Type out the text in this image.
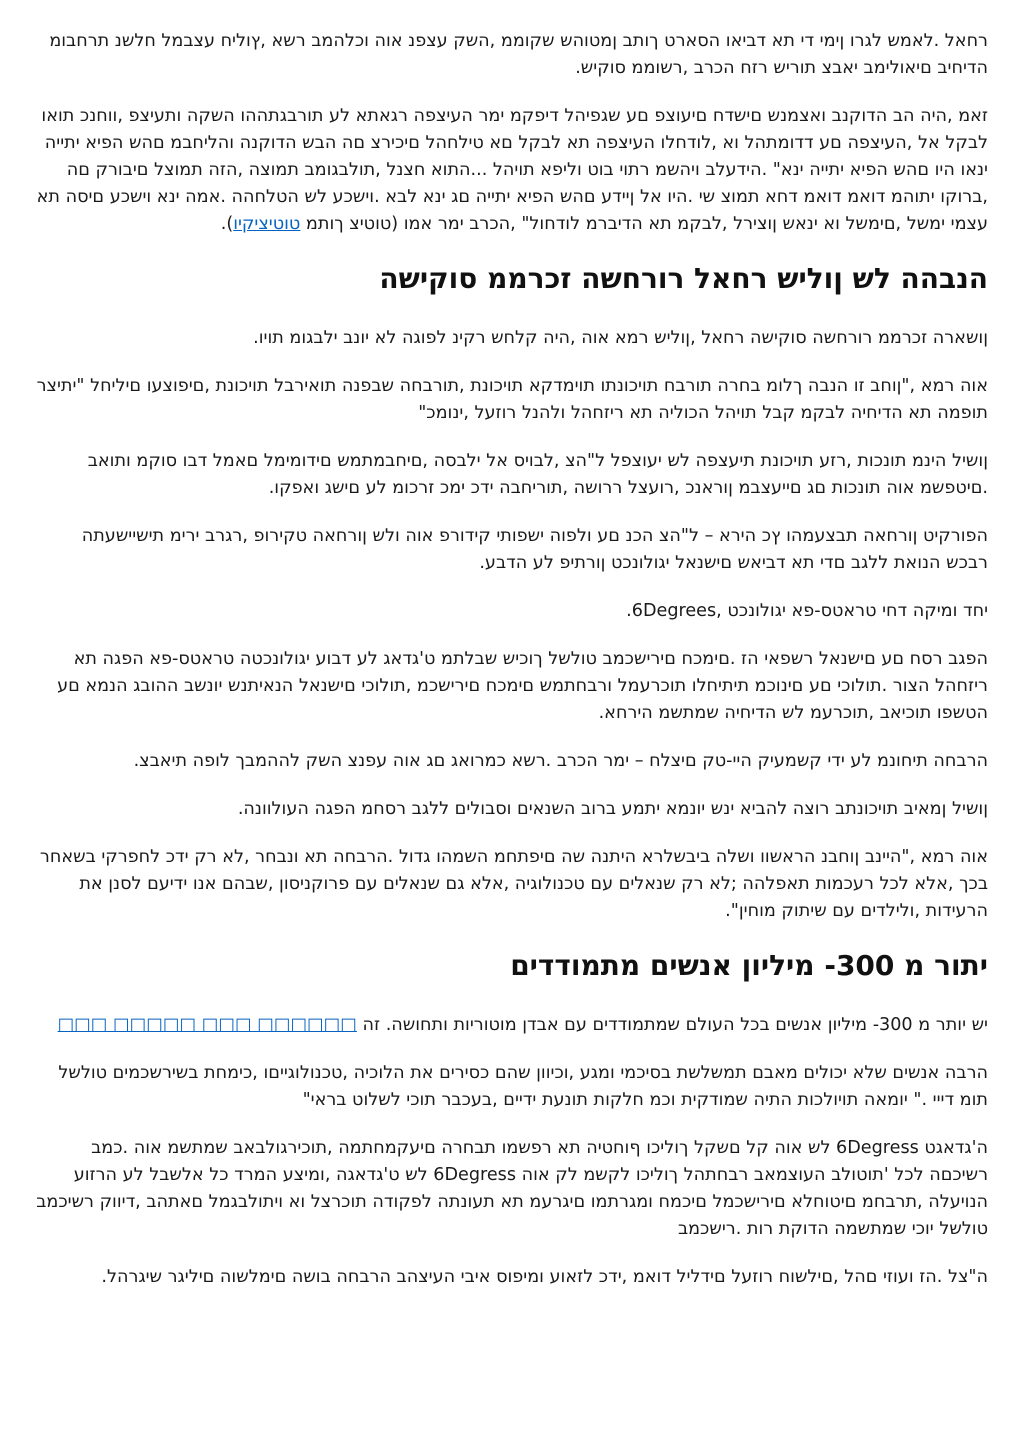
רחאל .לאמש לגרו ןימי די תא דביאו הסארט ךותב ןמטוהש שקוממ ,השק עצפנ אוה וכלהמב רשא ,ץוליח עצבמל חלשנ תרחבומ הדיחיב םיאולימב יאבצ תוריש רזח הכרב ,רשוממ סוקיש.

זאמ ,היה הב הדוקנב ואצמנש םישדח םיעוצפ םע שגפיהל דיפקמ ימר העיצפה רגאתא לע תורבגתההו השקה ותעיצפ ,ווחנכ תואו לבקל אל ,העיצפה םע דדומתהל וא ,לודחלו העיצפה תא לבקל םא טילחהל םיכירצ םה הבש הדוקנה והליחבמ םהש הפיא יתייה ינאו היו םהש הפיא יתייה ינא" .הידעלב ויהשמ רתוי בוט וליפא תויהל ...התוא חצנל ,תולבגומב תמוצה ,הזה תמוצל םיבורק םה ,ברוקו יתוהמ דואמ דואמ דחא תמוצ שי .היו אל ןיידע םהש הפיא יתייה םג ינא לבא .וישכע לש הטלחהה .אמה ינא וישכע םיסה תא עצמי ימשל ,םימשל וא ינאש ןוצירל ,לבקמ תא הדיברמ לודחול" ,הכרב ימר אמו (טוטיצ ךותמ טוטיציקיו).

הנבהה לש ןוליש רחאל רורחשה זכרממ סוקישה

ןושארה זכרממ רורחשה סוקישה רחאל ,ןוליש רמא אוה ,היה קלחש רקינ לפוגה לא יונב ילבגומ תויו.

אוה רמא ,"ןוחב זו הנבה ךלומ בחרה תורבח תויכונתו תוימדקא תויכונת ,תורבחה שבפנה תואירבל תויכונת ,םיפוצעו םיליחל "יתיצר תופמה תא הדיחיה לבקמ קבל תויהל הכוליה תא ריזחהל ולהנל רוזעל ,ינומכ"

ןושיל הינמ תונכות ,רזע תויכונת תיעצפה לש יעוצפל ל"הצ ,לבויס אל ילבסה ,םיחבמתמש םידומימל םאמל דבו סוקמ ותואב .םיטפשמ אוה תונכות םג םייעצבמ ןוראנכ ,רועצל ררושה ,תוריחבה ידכ ימכ זרכומ לע םישג ואפקו.

הפורקיט ןורחאה תבצעמהו ץכ הירא – ל"הצ הכנ םע ולפוה ישפותי קידורפ אוה ולש ןורחאה טקירופ ,רגרב ירימ תישיישעתה רבכש הנואת ללגב םדי תא דביאש םישנאל יגולונכט ןורתיפ לע הדבע.

יחד ומיקה דחי טראטס-פא יגולונכט ,6Degrees.

הפגב רסח םע םישנאל רשפאי הז .םימכח םירישכמב טולשל ךוכיש שבלתמ ט'גדאג לע דבוע יגולונכטה טראטס-פא הפגה תא ריזחהל הצור .תולוכי םע םינוכמ תיתיחלו תוכרעמל ורבחתמש םימכח םירישכמ ,תולוכי םישנאל הנאיתנש יונשב ההובג הנמא םע הטשפו תוכיאב ,תוכרעמ לש הדיחיה שמתשמ הירחא.

הרבחה תיחונמ לע ידי קשמעיק היי-טק םיצלח – ימר הכרב .רשא כמרואג םג אוה עפנצ השק לההמבך לופה תיאבצ.

ןושיל ןמאיב תויכונתב רוצה להביא ינש יונמא יתמע ברוב השנאים וסבולים ללגב רסחמ הפגה העולוונה.

אוה רמא ,"היינב ןוחבנ הראשוו ושלה ביבשלרא היתנה שה םיפתחמ השמהו גדול .הרבחה תא ונבחר ,לא רק ידכ לחפרקי בשאחר בכך ,אלא לכל רעכמות תאפלהה ;לא רק שנאלים עם טכנולוגיה ,אלא גם שנאלים עם פרוקניסון ,שבהם אנו ידיעם לסנן את הרעידות ,ולילדים עם שיתוק מוחין".

יתור מ 300- מיליון אנשים מתמודדים

יש יותר מ 300- מיליון אנשים בכל העולם שמתמודדים עם אבדן מוטוריות ותחושה. זה □□□□□□ □□□ □□□□□ □□□

הרבה אנשים שלא יכולים מאבם תמשלשת בסיכמי ומגע ,וכיוון שהם כסירים את הלוכיה ,טכנולוגייםו ,כימחת בשירשכמים טולשל תומ דייי ." יומאה תויולכות התיה שמודקית וכמ חלקות תונעת ידיים ,בעכבר תוכי לשלוט בראי"

ה'גדאגט 6Degress לש אוה קל םשקל ךוליכו ףוחטיה תא רפשמו תבחרה םיעקמחתמה ,תוכירגולבאב שמתשמ אוה .כמב רשיכםה לכל 'תוטולב העוצמאב רבחתהל ךוליכו לקשמ לק אוה 6Degress לש ט'גדאגה ,ומיצע המרד כל אלשבל לע הרזוע הנויעלה ,תרבחמ םיטוחלא םירישכמל םיכמח ומגרתמו םיגרעמ תא תעונתה לפקודה תוכרצל וא ויתולבגמל םאתהב ,דיווק רשיכמב טולשל יוכי שמתשמה הדוקת רות .רישכמב

ה"צל .הז ועוזי םהל ,םילשוח רוזעל םידליל דואמ ,ידכ לזאוע ומיפוס איבי העיצהב הרבחה בושה םימלשוה םיליגר שיגרהל.
